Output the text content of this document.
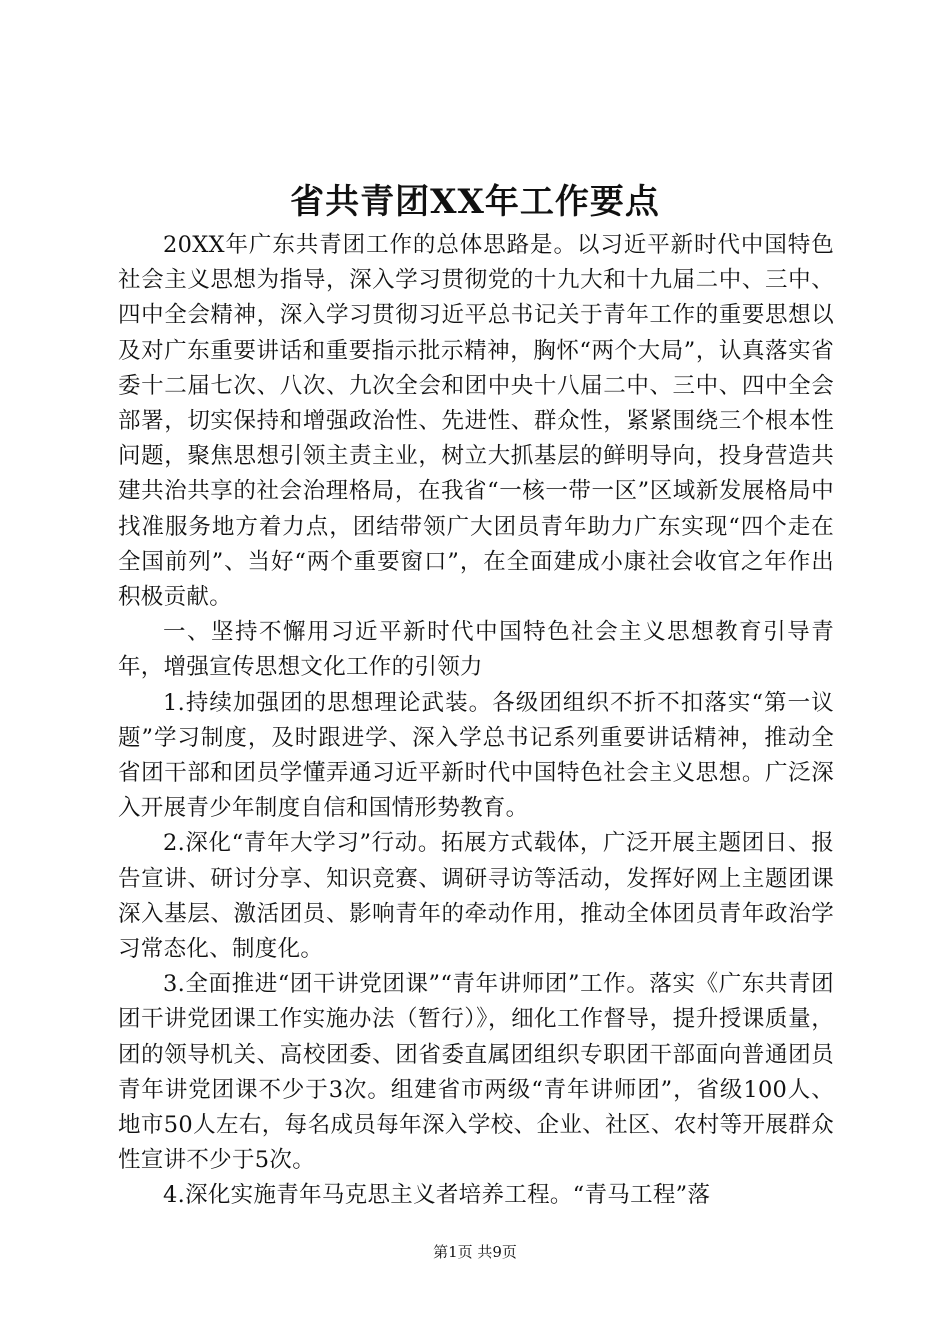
省共青团XX年工作要点

20XX年广东共青团工作的总体思路是。以习近平新时代中国特色社会主义思想为指导，深入学习贯彻党的十九大和十九届二中、三中、四中全会精神，深入学习贯彻习近平总书记关于青年工作的重要思想以及对广东重要讲话和重要指示批示精神，胸怀“两个大局”，认真落实省委十二届七次、八次、九次全会和团中央十八届二中、三中、四中全会部署，切实保持和增强政治性、先进性、群众性，紧紧围绕三个根本性问题，聚焦思想引领主责主业，树立大抓基层的鲜明导向，投身营造共建共治共享的社会治理格局，在我省“一核一带一区”区域新发展格局中找准服务地方着力点，团结带领广大团员青年助力广东实现“四个走在全国前列”、当好“两个重要窗口”，在全面建成小康社会收官之年作出积极贡献。

一、坚持不懈用习近平新时代中国特色社会主义思想教育引导青年，增强宣传思想文化工作的引领力

1.持续加强团的思想理论武装。各级团组织不折不扣落实“第一议题”学习制度，及时跟进学、深入学总书记系列重要讲话精神，推动全省团干部和团员学懂弄通习近平新时代中国特色社会主义思想。广泛深入开展青少年制度自信和国情形势教育。

2.深化“青年大学习”行动。拓展方式载体，广泛开展主题团日、报告宣讲、研讨分享、知识竞赛、调研寻访等活动，发挥好网上主题团课深入基层、激活团员、影响青年的牵动作用，推动全体团员青年政治学习常态化、制度化。

3.全面推进“团干讲党团课”“青年讲师团”工作。落实《广东共青团团干讲党团课工作实施办法（暂行）》，细化工作督导，提升授课质量，团的领导机关、高校团委、团省委直属团组织专职团干部面向普通团员青年讲党团课不少于3次。组建省市两级“青年讲师团”，省级100人、地市50人左右，每名成员每年深入学校、企业、社区、农村等开展群众性宣讲不少于5次。

4.深化实施青年马克思主义者培养工程。“青马工程”落

第1页 共9页
